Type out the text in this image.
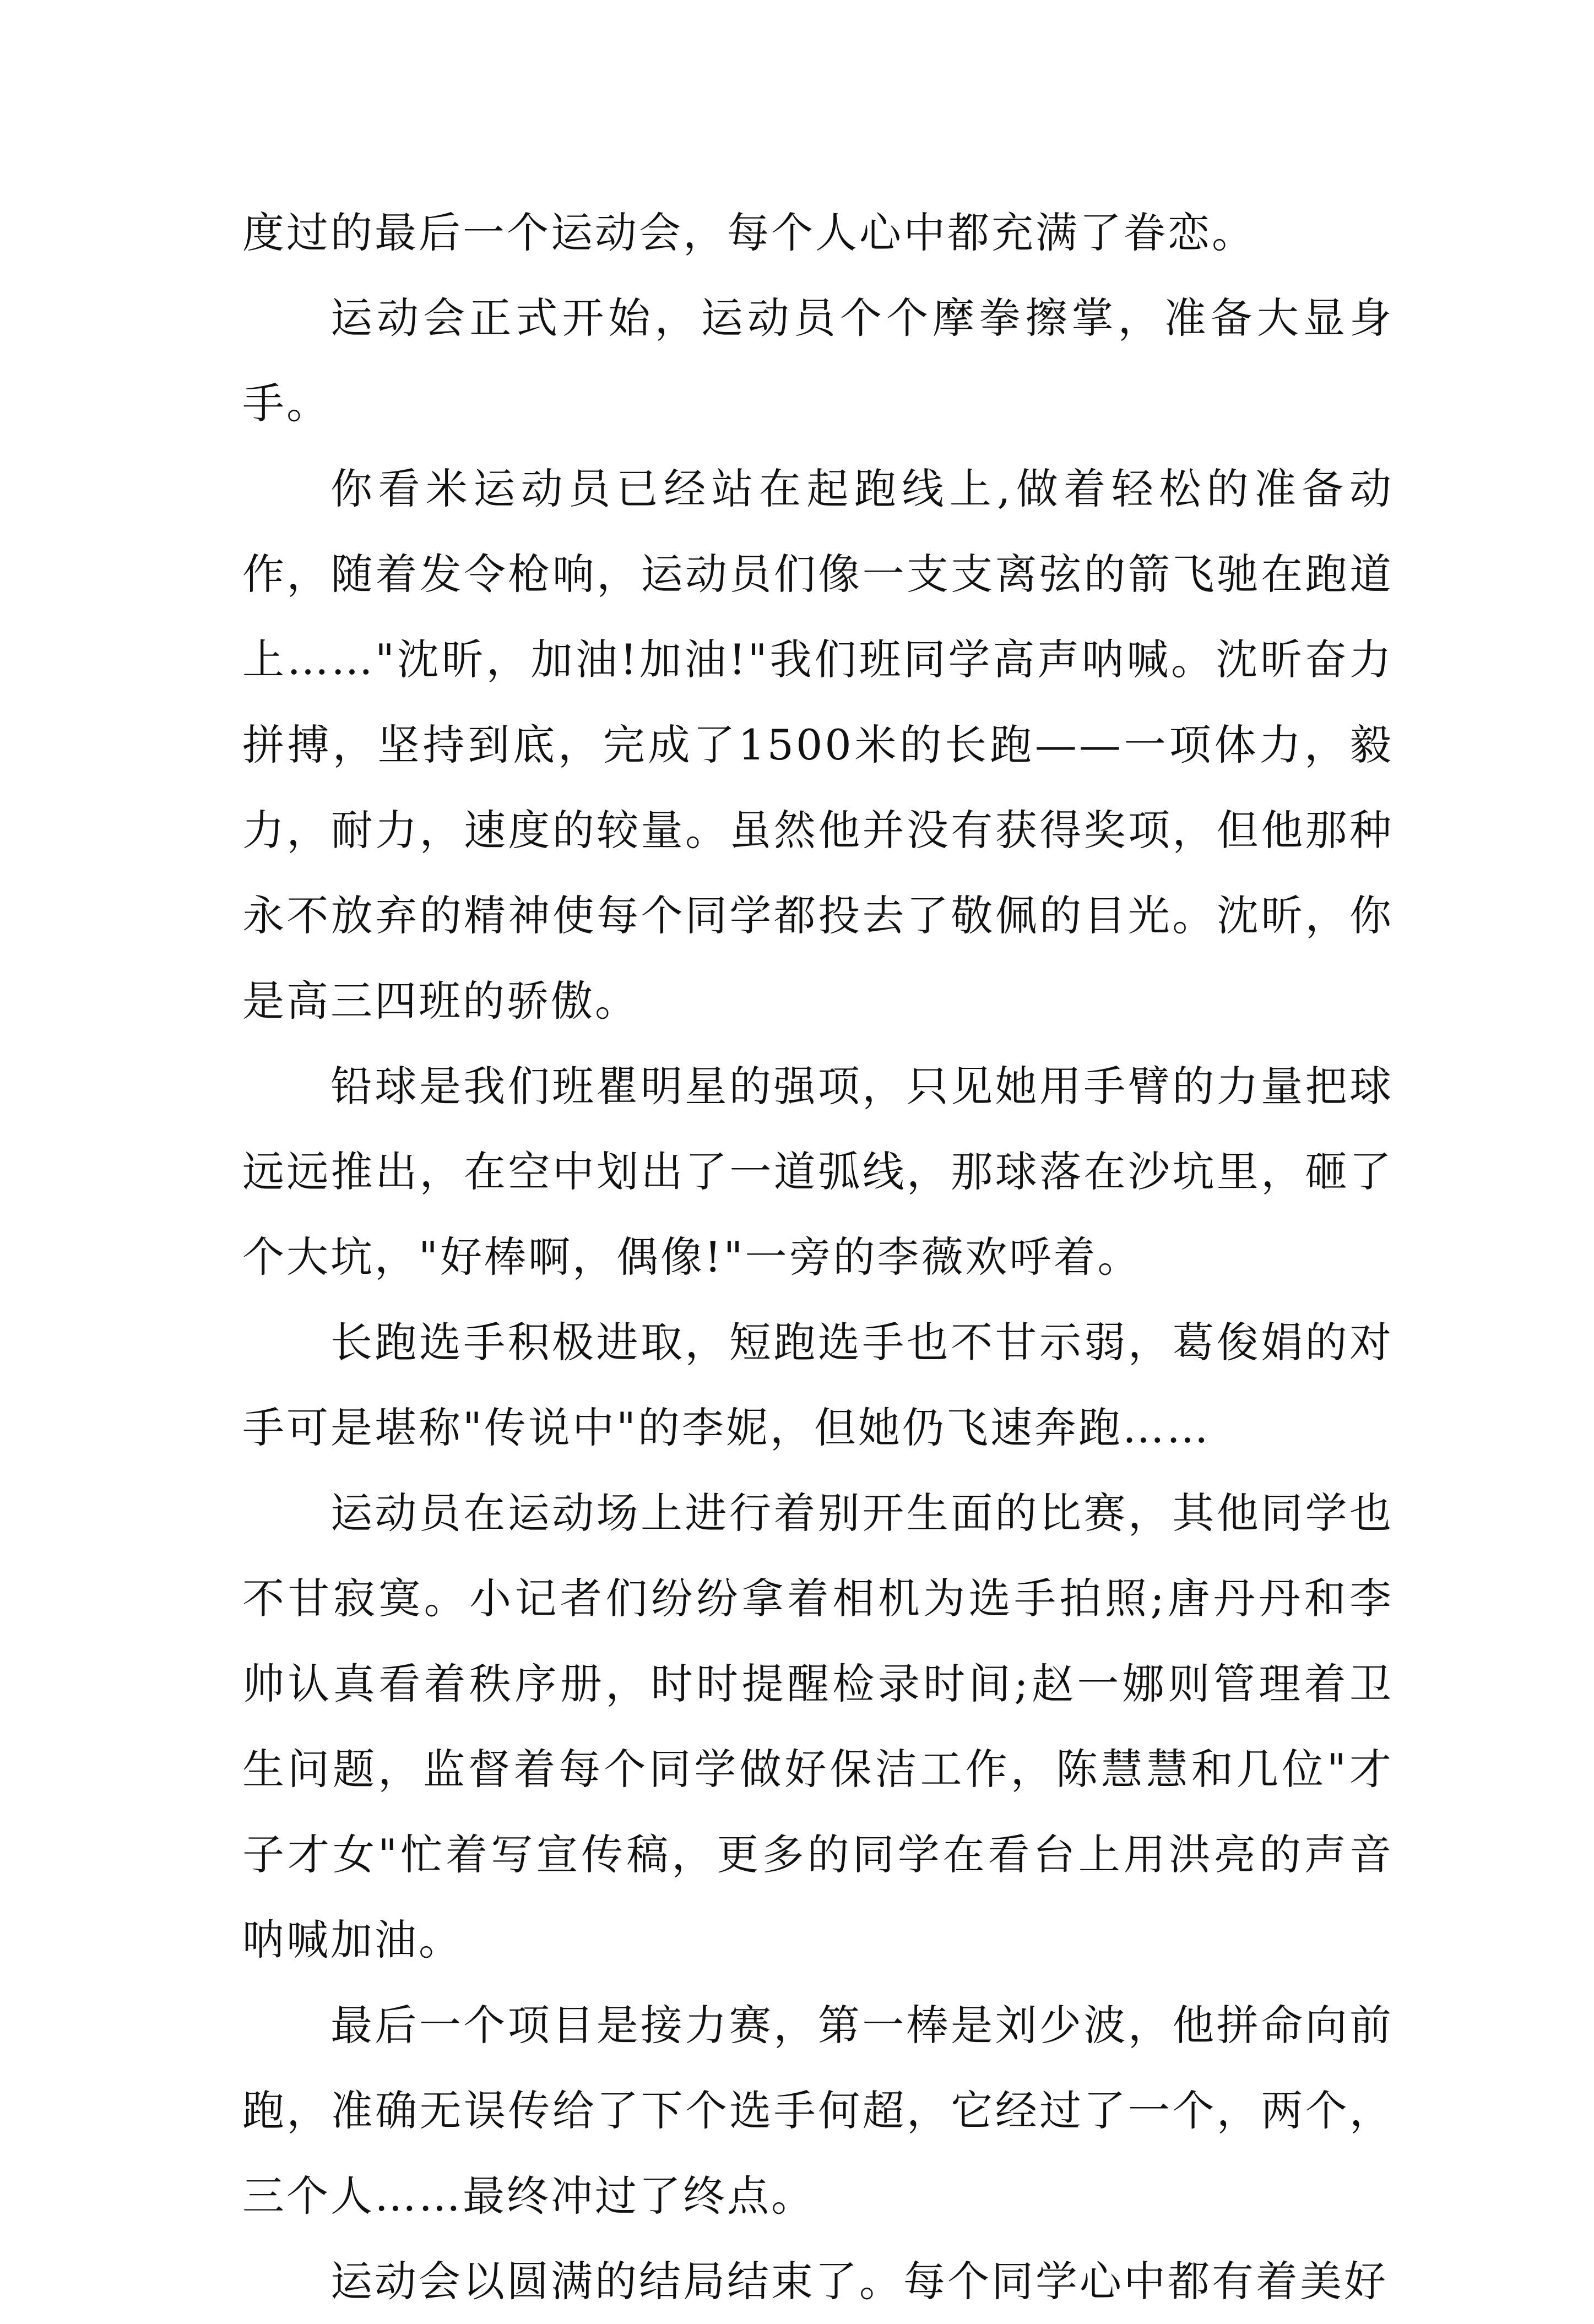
度过的最后一个运动会，每个人心中都充满了眷恋。

运动会正式开始，运动员个个摩拳擦掌，准备大显身手。

你看米运动员已经站在起跑线上,做着轻松的准备动作，随着发令枪响，运动员们像一支支离弦的箭飞驰在跑道上……"沈昕，加油!加油!"我们班同学高声呐喊。沈昕奋力拼搏，坚持到底，完成了1500米的长跑——一项体力，毅力，耐力，速度的较量。虽然他并没有获得奖项，但他那种永不放弃的精神使每个同学都投去了敬佩的目光。沈昕，你是高三四班的骄傲。

铅球是我们班瞿明星的强项，只见她用手臂的力量把球远远推出，在空中划出了一道弧线，那球落在沙坑里，砸了个大坑，"好棒啊，偶像!"一旁的李薇欢呼着。

长跑选手积极进取，短跑选手也不甘示弱，葛俊娟的对手可是堪称"传说中"的李妮，但她仍飞速奔跑……

运动员在运动场上进行着别开生面的比赛，其他同学也不甘寂寞。小记者们纷纷拿着相机为选手拍照;唐丹丹和李帅认真看着秩序册，时时提醒检录时间;赵一娜则管理着卫生问题，监督着每个同学做好保洁工作，陈慧慧和几位"才子才女"忙着写宣传稿，更多的同学在看台上用洪亮的声音呐喊加油。

最后一个项目是接力赛，第一棒是刘少波，他拼命向前跑，准确无误传给了下个选手何超，它经过了一个，两个，三个人……最终冲过了终点。

运动会以圆满的结局结束了。每个同学心中都有着美好
